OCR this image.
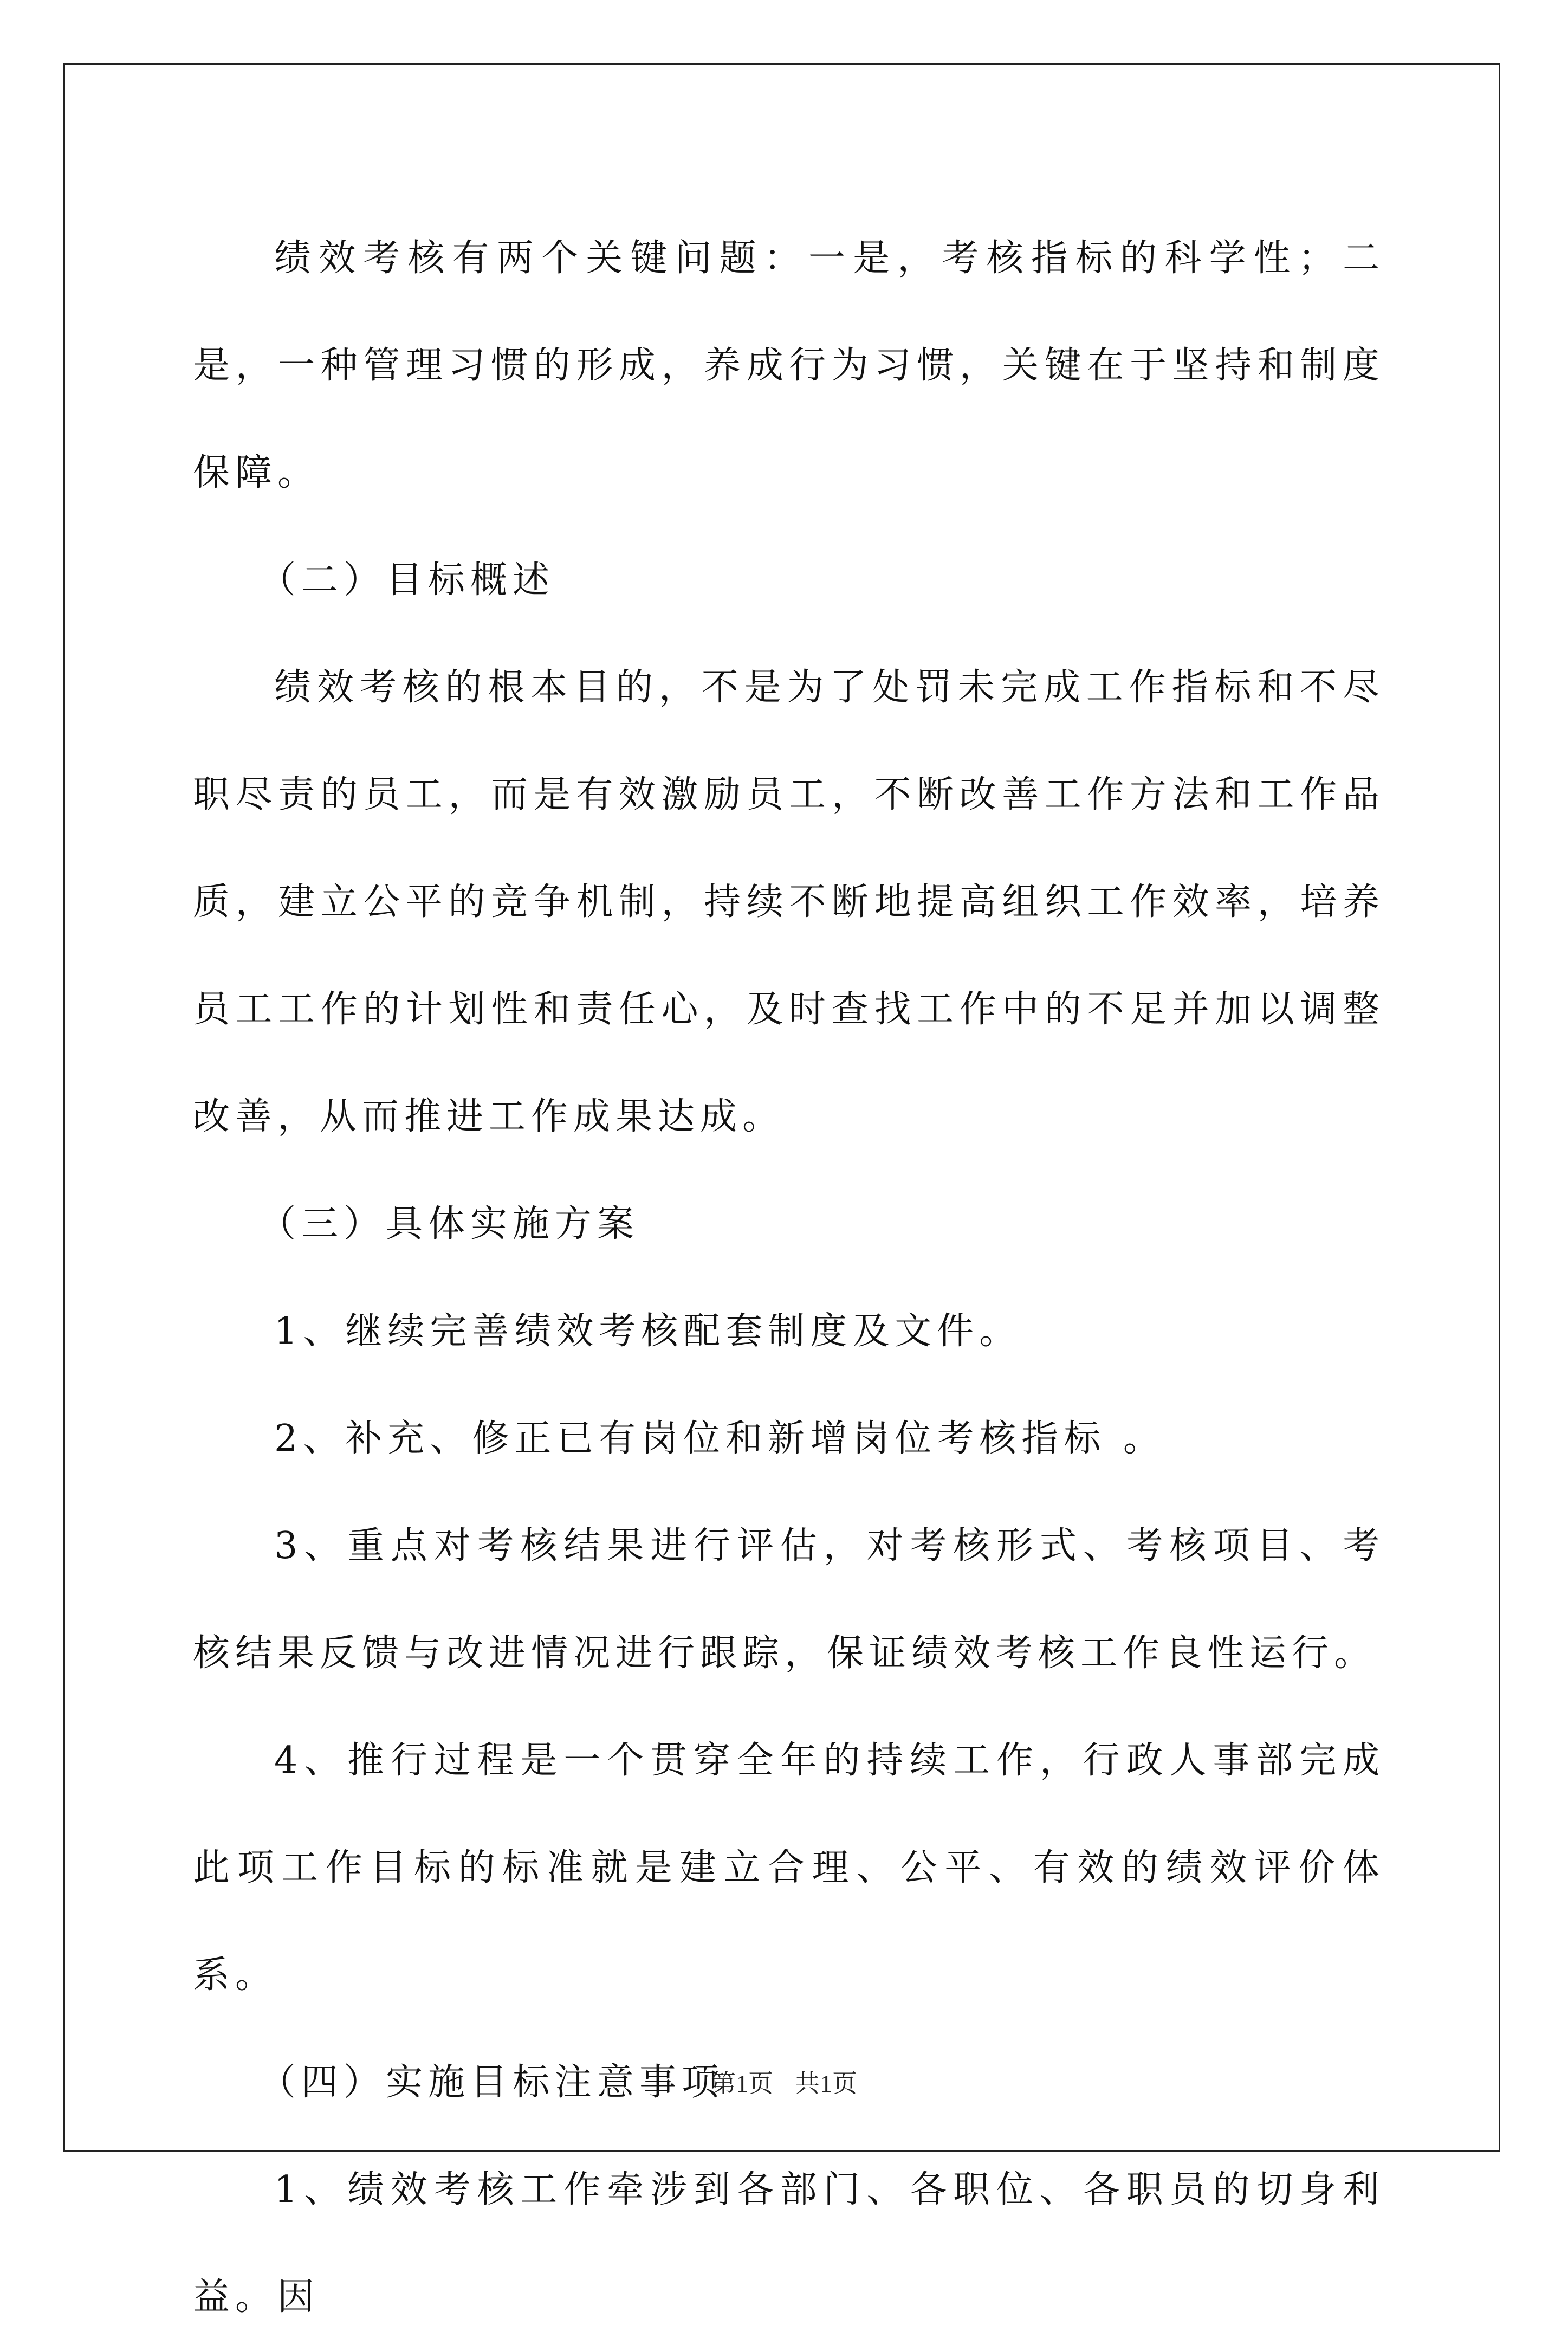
绩效考核有两个关键问题：一是，考核指标的科学性；二是，一种管理习惯的形成，养成行为习惯，关键在于坚持和制度保障。

（二）目标概述

绩效考核的根本目的，不是为了处罚未完成工作指标和不尽职尽责的员工，而是有效激励员工，不断改善工作方法和工作品质，建立公平的竞争机制，持续不断地提高组织工作效率，培养员工工作的计划性和责任心，及时查找工作中的不足并加以调整改善，从而推进工作成果达成。

（三）具体实施方案

1、继续完善绩效考核配套制度及文件。

2、补充、修正已有岗位和新增岗位考核指标 。

3、重点对考核结果进行评估，对考核形式、考核项目、考核结果反馈与改进情况进行跟踪，保证绩效考核工作良性运行。

4、推行过程是一个贯穿全年的持续工作，行政人事部完成此项工作目标的标准就是建立合理、公平、有效的绩效评价体系。

（四）实施目标注意事项

1、绩效考核工作牵涉到各部门、各职位、各职员的切身利益。因

第1页 共1页
